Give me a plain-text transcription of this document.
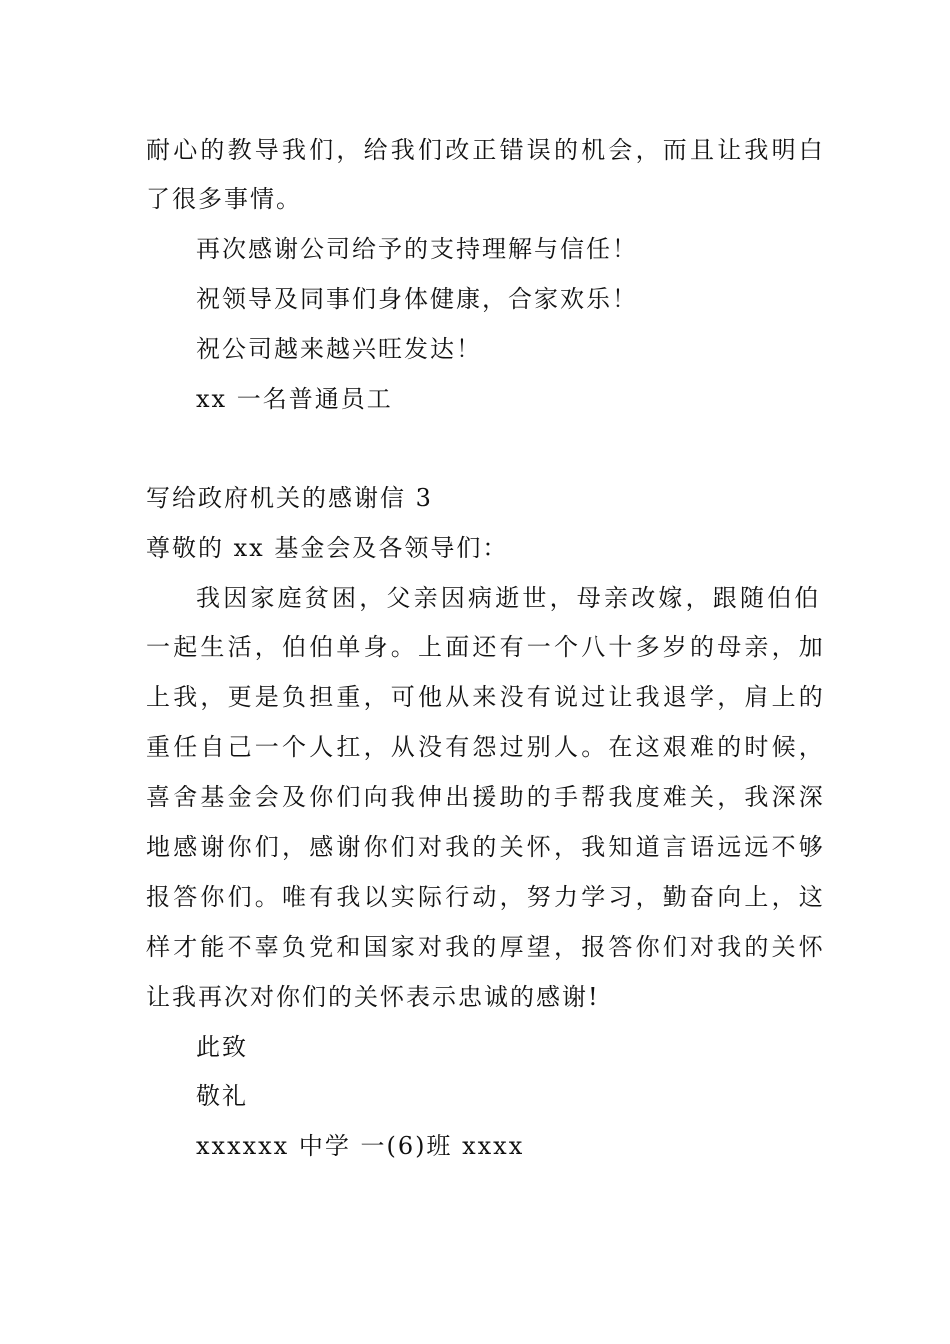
耐心的教导我们，给我们改正错误的机会，而且让我明白
了很多事情。
再次感谢公司给予的支持理解与信任！
祝领导及同事们身体健康，合家欢乐！
祝公司越来越兴旺发达！
xx 一名普通员工
写给政府机关的感谢信 3
尊敬的 xx 基金会及各领导们：
我因家庭贫困，父亲因病逝世，母亲改嫁，跟随伯伯
一起生活，伯伯单身。上面还有一个八十多岁的母亲，加
上我，更是负担重，可他从来没有说过让我退学，肩上的
重任自己一个人扛，从没有怨过别人。在这艰难的时候，
喜舍基金会及你们向我伸出援助的手帮我度难关，我深深
地感谢你们，感谢你们对我的关怀，我知道言语远远不够
报答你们。唯有我以实际行动，努力学习，勤奋向上，这
样才能不辜负党和国家对我的厚望，报答你们对我的关怀
让我再次对你们的关怀表示忠诚的感谢!
此致
敬礼
xxxxxx 中学 一(6)班 xxxx
